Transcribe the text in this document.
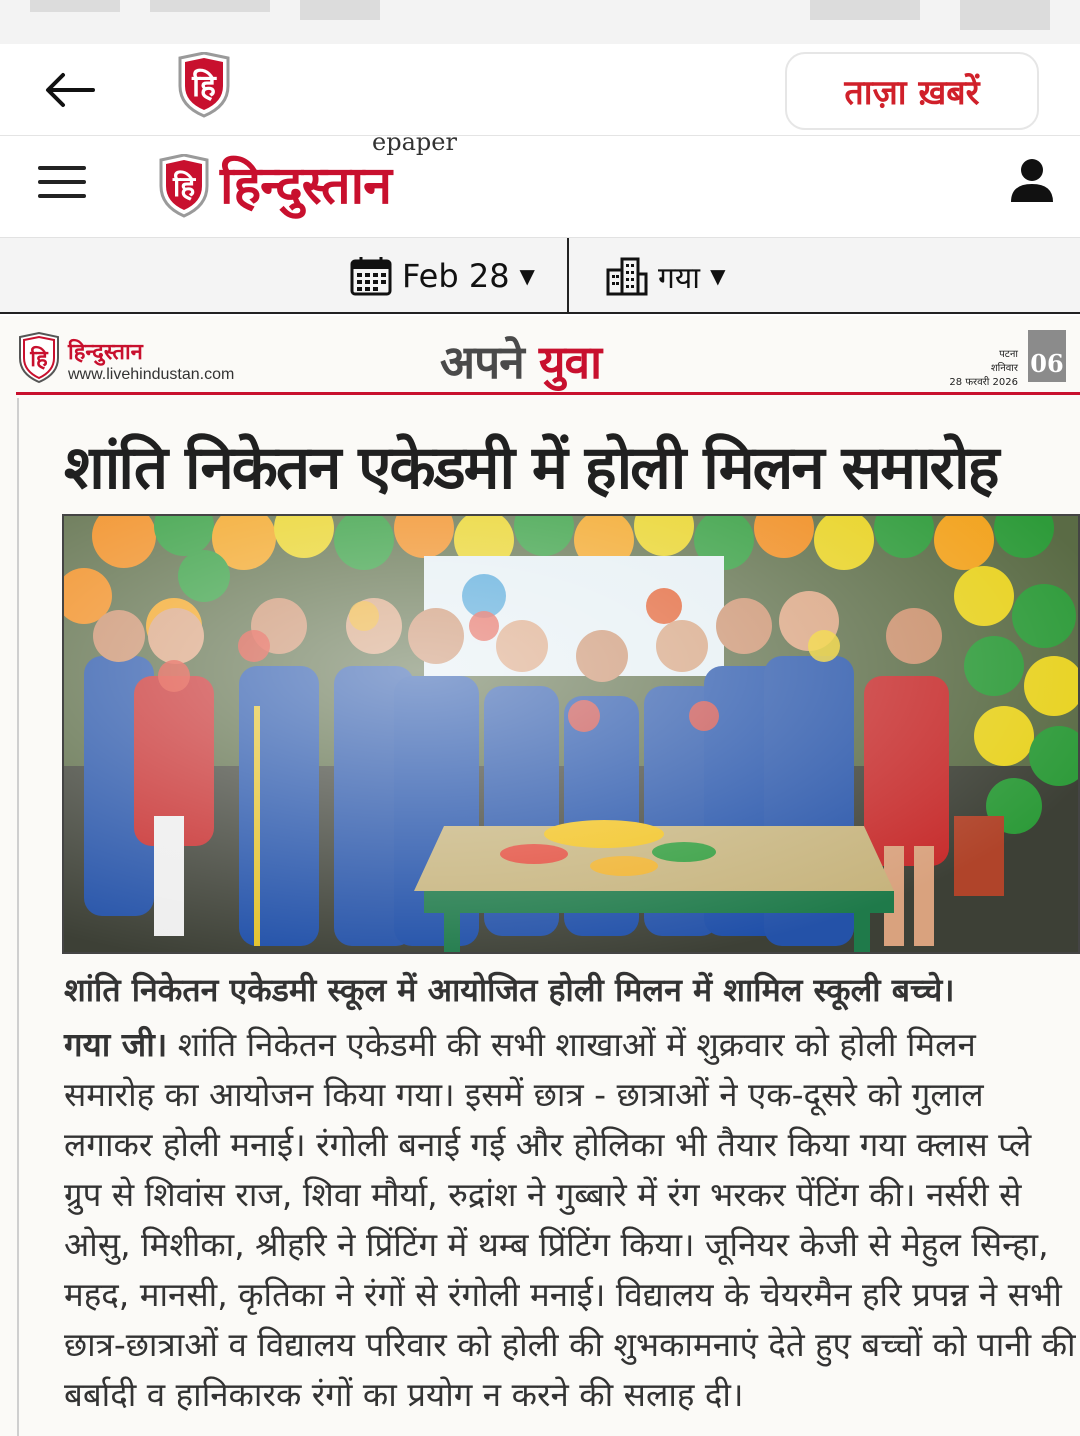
हि	ताज़ा ख़बरें
हि हिन्दुस्तान
epaper
Feb 28 ▼	गया ▼
हि हिन्दुस्तान
www.livehindustan.com	अपने युवा	पटना
शनिवार
28 फरवरी 2026
06
शांति निकेतन एकेडमी में होली मिलन समारोह
शांति निकेतन एकेडमी स्कूल में आयोजित होली मिलन में शामिल स्कूली बच्चे।
गया जी। शांति निकेतन एकेडमी की सभी शाखाओं में शुक्रवार को होली मिलन समारोह का आयोजन किया गया। इसमें छात्र - छात्राओं ने एक-दूसरे को गुलाल लगाकर होली मनाई। रंगोली बनाई गई और होलिका भी तैयार किया गया क्लास प्ले ग्रुप से शिवांस राज, शिवा मौर्या, रुद्रांश ने गुब्बारे में रंग भरकर पेंटिंग की। नर्सरी से ओसु, मिशीका, श्रीहरि ने प्रिंटिंग में थम्ब प्रिंटिंग किया। जूनियर केजी से मेहुल सिन्हा, महद, मानसी, कृतिका ने रंगों से रंगोली मनाई। विद्यालय के चेयरमैन हरि प्रपन्न ने सभी छात्र-छात्राओं व विद्यालय परिवार को होली की शुभकामनाएं देते हुए बच्चों को पानी की बर्बादी व हानिकारक रंगों का प्रयोग न करने की सलाह दी।
